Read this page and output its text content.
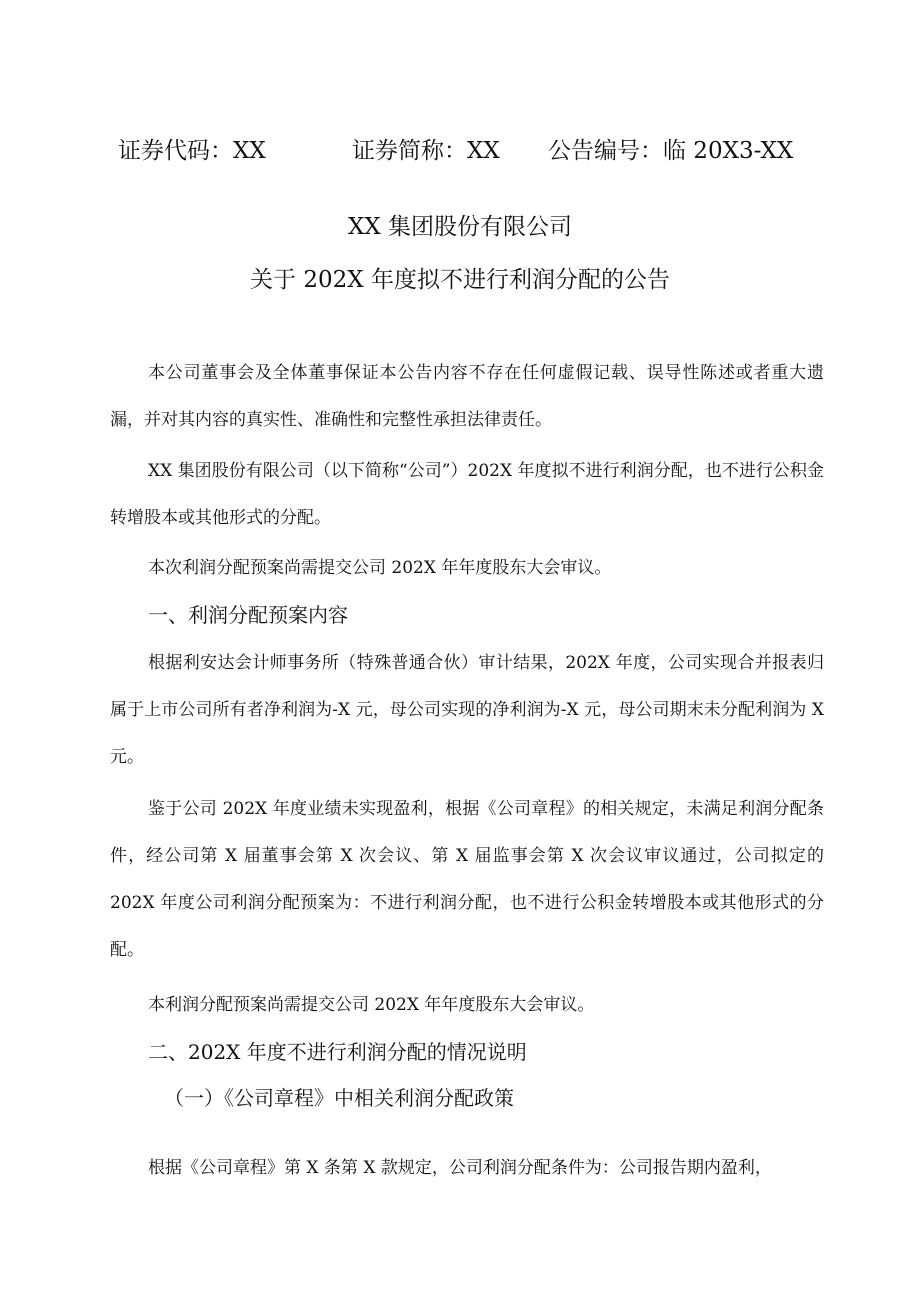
证券代码：XX	证券简称：XX 公告编号：临 20X3-XX
XX 集团股份有限公司
关于 202X 年度拟不进行利润分配的公告
本公司董事会及全体董事保证本公告内容不存在任何虚假记载、误导性陈述或者重大遗漏，并对其内容的真实性、准确性和完整性承担法律责任。
XX 集团股份有限公司（以下简称“公司”）202X 年度拟不进行利润分配，也不进行公积金转增股本或其他形式的分配。
本次利润分配预案尚需提交公司 202X 年年度股东大会审议。
一、利润分配预案内容
根据利安达会计师事务所（特殊普通合伙）审计结果，202X 年度，公司实现合并报表归属于上市公司所有者净利润为-X 元，母公司实现的净利润为-X 元，母公司期末未分配利润为 X 元。
鉴于公司 202X 年度业绩未实现盈利，根据《公司章程》的相关规定，未满足利润分配条件，经公司第 X 届董事会第 X 次会议、第 X 届监事会第 X 次会议审议通过，公司拟定的 202X 年度公司利润分配预案为：不进行利润分配，也不进行公积金转增股本或其他形式的分配。
本利润分配预案尚需提交公司 202X 年年度股东大会审议。
二、202X 年度不进行利润分配的情况说明
（一）《公司章程》中相关利润分配政策
根据《公司章程》第 X 条第 X 款规定，公司利润分配条件为：公司报告期内盈利，
